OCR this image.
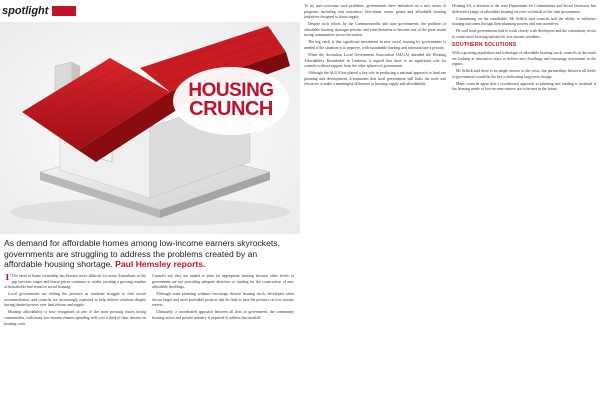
spotlight
HOUSING
CRUNCH
As demand for affordable homes among low-income earners skyrockets, governments are struggling to address the problems created by an affordable housing shortage. Paul Hemsley reports.

T The ideal of home ownership has become more difficult for many Australians as the gap between wages and house prices continues to widen, pushing a growing number of households into rental or social housing.

Local governments are feeling the pressure as residents struggle to find secure accommodation, and councils are increasingly expected to help deliver solutions despite having limited powers over land release and supply.

Housing affordability is now recognised as one of the most pressing issues facing communities, with many low-income earners spending well over a third of their income on housing costs.

Councils say they are unable to plan for appropriate housing because other levels of government are not providing adequate direction or funding for the construction of new affordable dwellings.

Although some planning schemes encourage diverse housing stock, developers often favour larger and more profitable projects that do little to ease the pressure on low-income renters.

Ultimately, a coordinated approach between all tiers of government, the community housing sector and private industry is required to address the shortfall.

To try and overcome such problems, governments have embarked on a new series of programs including rent assistance, first-home owner grants and affordable housing initiatives designed to boost supply.

Despite such efforts by the Commonwealth and state governments, the problem of affordable housing shortages persists and even threatens to become one of the great issues facing communities across the nation.

The big catch is that significant investment in new social housing by governments is needed if the situation is to improve, with sustainable funding and infrastructure a priority.

When the Australian Local Government Association (ALGA) attended the Housing Affordability Roundtable in Canberra, it argued that there is no significant role for councils without support from the other spheres of government.

Although the ALGA has played a key role in producing a national approach to land use planning and development, it maintains that local government still lacks the tools and resources to make a meaningful difference to housing supply and affordability.

Housing SA, a division of the state Department for Communities and Social Inclusion, has delivered a range of affordable housing services on behalf of the state government.

Commenting on the roundtable, Mr Sellick said councils had the ability to influence housing outcomes through their planning powers and rate incentives.

He said local governments had to work closely with developers and the community sector to create more housing options for low-income residents.

SOUTHERN SOLUTIONS

With a growing population and a shortage of affordable housing stock, councils in the south are looking at innovative ways to deliver new dwellings and encourage investment in the region.

Mr Sellick said there is no single answer to the crisis, but partnerships between all levels of government would be the key to delivering long-term change.

Many councils agree that a coordinated approach to planning and funding is essential if the housing needs of low-income earners are to be met in the future.
